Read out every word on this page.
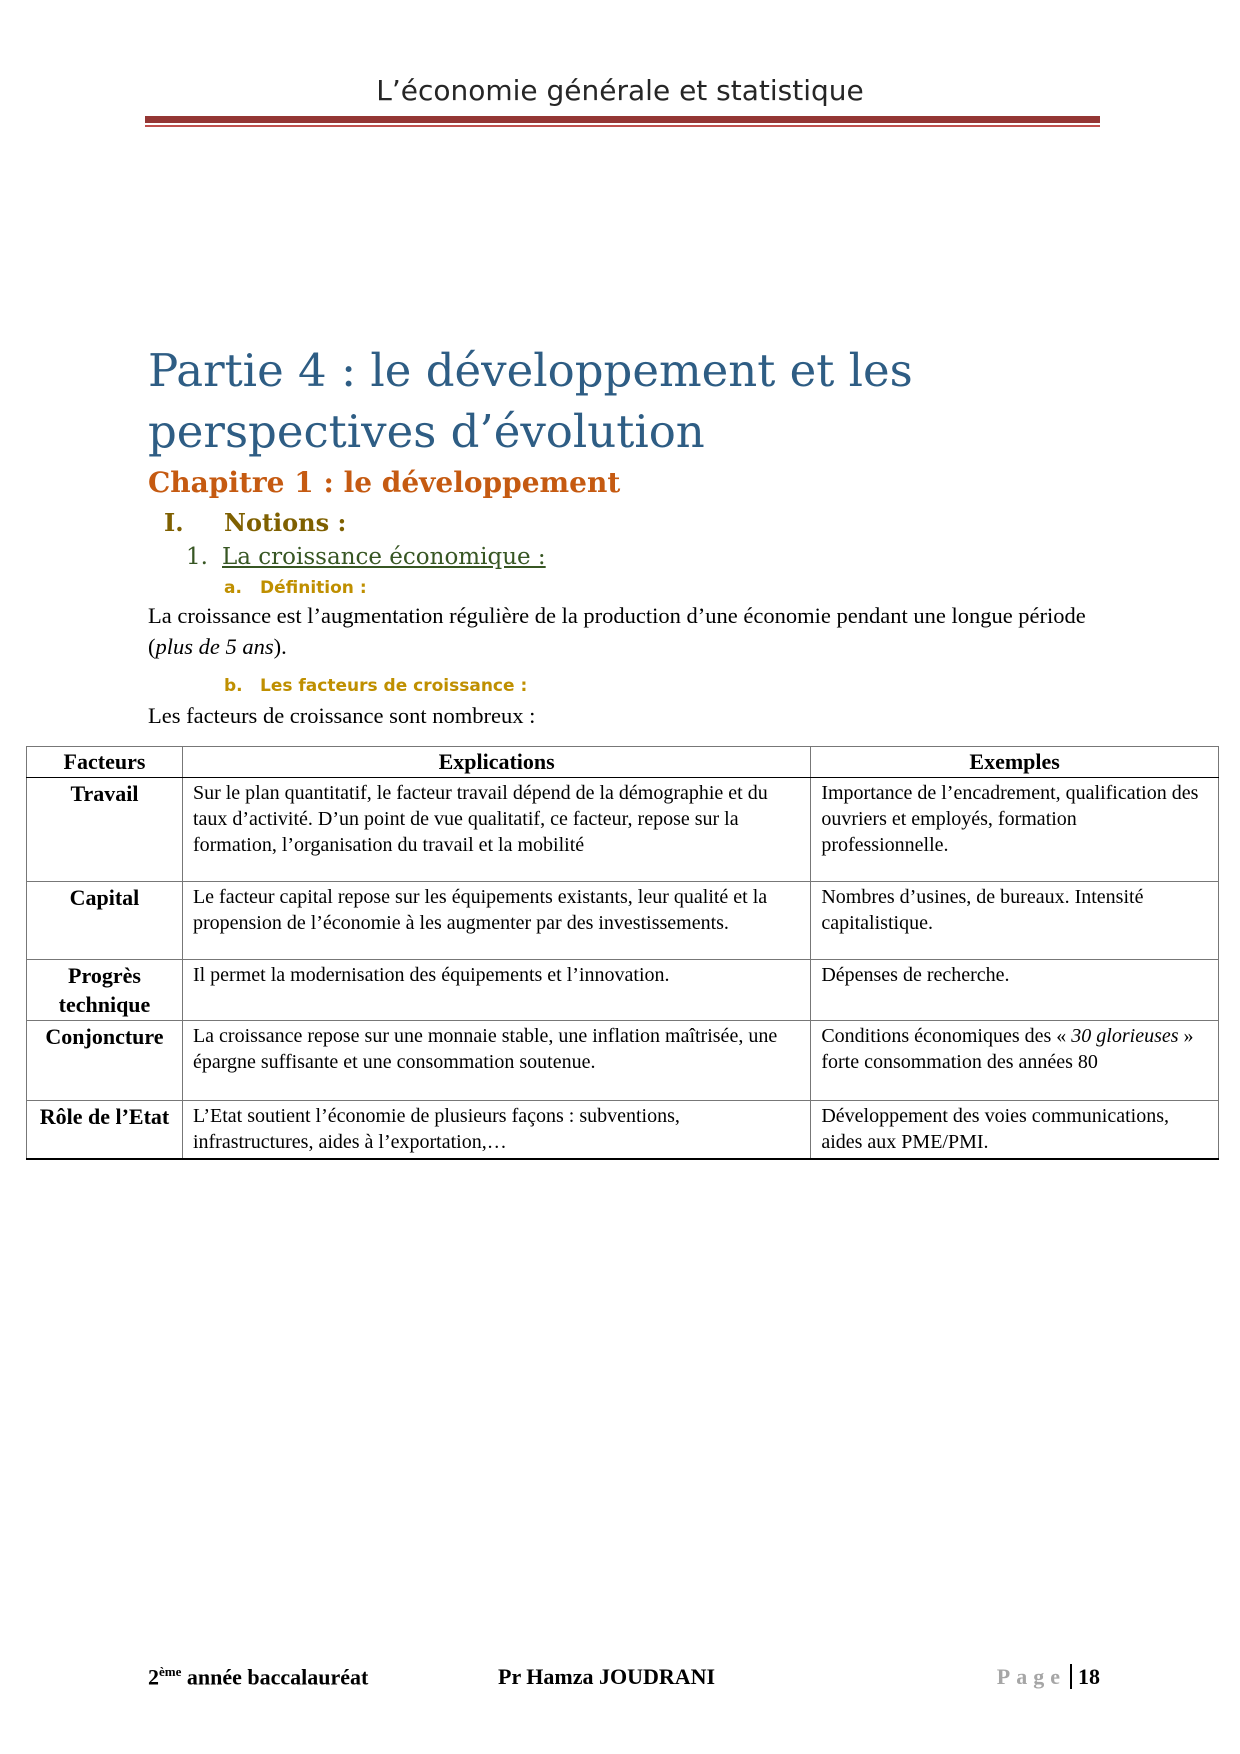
L’économie générale et statistique
Partie 4 : le développement et les perspectives d’évolution
Chapitre 1 : le développement
I. Notions :
1. La croissance économique :
a. Définition :
La croissance est l’augmentation régulière de la production d’une économie pendant une longue période (plus de 5 ans).
b. Les facteurs de croissance :
Les facteurs de croissance sont nombreux :
Facteurs	Explications	Exemples
Travail	Sur le plan quantitatif, le facteur travail dépend de la démographie et du taux d’activité. D’un point de vue qualitatif, ce facteur, repose sur la formation, l’organisation du travail et la mobilité	Importance de l’encadrement, qualification des ouvriers et employés, formation professionnelle.
Capital	Le facteur capital repose sur les équipements existants, leur qualité et la propension de l’économie à les augmenter par des investissements.	Nombres d’usines, de bureaux. Intensité capitalistique.
Progrès technique	Il permet la modernisation des équipements et l’innovation.	Dépenses de recherche.
Conjoncture	La croissance repose sur une monnaie stable, une inflation maîtrisée, une épargne suffisante et une consommation soutenue.	Conditions économiques des « 30 glorieuses » forte consommation des années 80
Rôle de l’Etat	L’Etat soutient l’économie de plusieurs façons : subventions, infrastructures, aides à l’exportation,…	Développement des voies communications, aides aux PME/PMI.
2ème année baccalauréat	Pr Hamza JOUDRANI	Page 18
